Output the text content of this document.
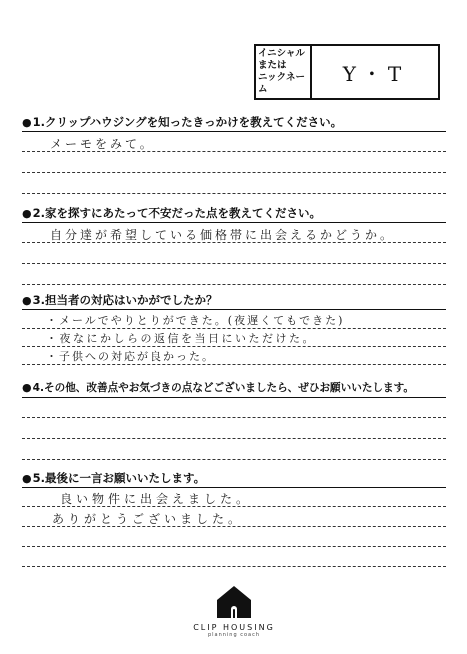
イニシャル
または
ニックネー
ム
Y・T
●1.クリップハウジングを知ったきっかけを教えてください。
メーモをみて。
●2.家を探すにあたって不安だった点を教えてください。
自分達が希望している価格帯に出会えるかどうか。
●3.担当者の対応はいかがでしたか？
・メールでやりとりができた。(夜遅くてもできた)
・夜なにかしらの返信を当日にいただけた。
・子供への対応が良かった。
●4.その他、改善点やお気づきの点などございましたら、ぜひお願いいたします。
●5.最後に一言お願いいたします。
良い物件に出会えました。
ありがとうございました。
CLIP HOUSING
planning coach
